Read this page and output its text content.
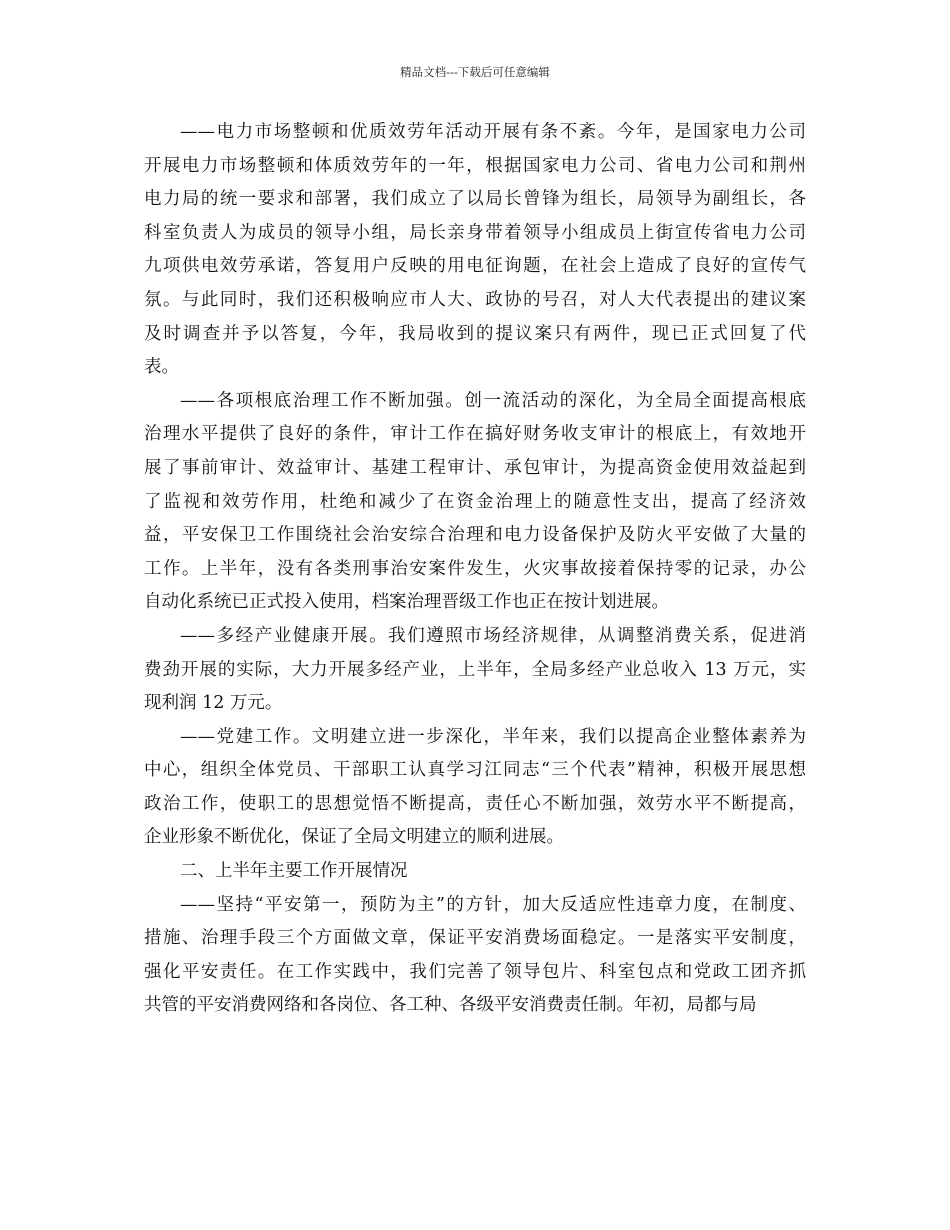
精品文档---下载后可任意编辑
——电力市场整顿和优质效劳年活动开展有条不紊。今年，是国家电力公司
开展电力市场整顿和体质效劳年的一年，根据国家电力公司、省电力公司和荆州
电力局的统一要求和部署，我们成立了以局长曾锋为组长，局领导为副组长，各
科室负责人为成员的领导小组，局长亲身带着领导小组成员上街宣传省电力公司
九项供电效劳承诺，答复用户反映的用电征询题，在社会上造成了良好的宣传气
氛。与此同时，我们还积极响应市人大、政协的号召，对人大代表提出的建议案
及时调查并予以答复，今年，我局收到的提议案只有两件，现已正式回复了代
表。
——各项根底治理工作不断加强。创一流活动的深化，为全局全面提高根底
治理水平提供了良好的条件，审计工作在搞好财务收支审计的根底上，有效地开
展了事前审计、效益审计、基建工程审计、承包审计，为提高资金使用效益起到
了监视和效劳作用，杜绝和减少了在资金治理上的随意性支出，提高了经济效
益，平安保卫工作围绕社会治安综合治理和电力设备保护及防火平安做了大量的
工作。上半年，没有各类刑事治安案件发生，火灾事故接着保持零的记录，办公
自动化系统已正式投入使用，档案治理晋级工作也正在按计划进展。
——多经产业健康开展。我们遵照市场经济规律，从调整消费关系，促进消
费劲开展的实际，大力开展多经产业，上半年，全局多经产业总收入 13 万元，实
现利润 12 万元。
——党建工作。文明建立进一步深化，半年来，我们以提高企业整体素养为
中心，组织全体党员、干部职工认真学习江同志“三个代表”精神，积极开展思想
政治工作，使职工的思想觉悟不断提高，责任心不断加强，效劳水平不断提高，
企业形象不断优化，保证了全局文明建立的顺利进展。
二、上半年主要工作开展情况
——坚持“平安第一，预防为主”的方针，加大反适应性违章力度，在制度、
措施、治理手段三个方面做文章，保证平安消费场面稳定。一是落实平安制度，
强化平安责任。在工作实践中，我们完善了领导包片、科室包点和党政工团齐抓
共管的平安消费网络和各岗位、各工种、各级平安消费责任制。年初，局都与局
